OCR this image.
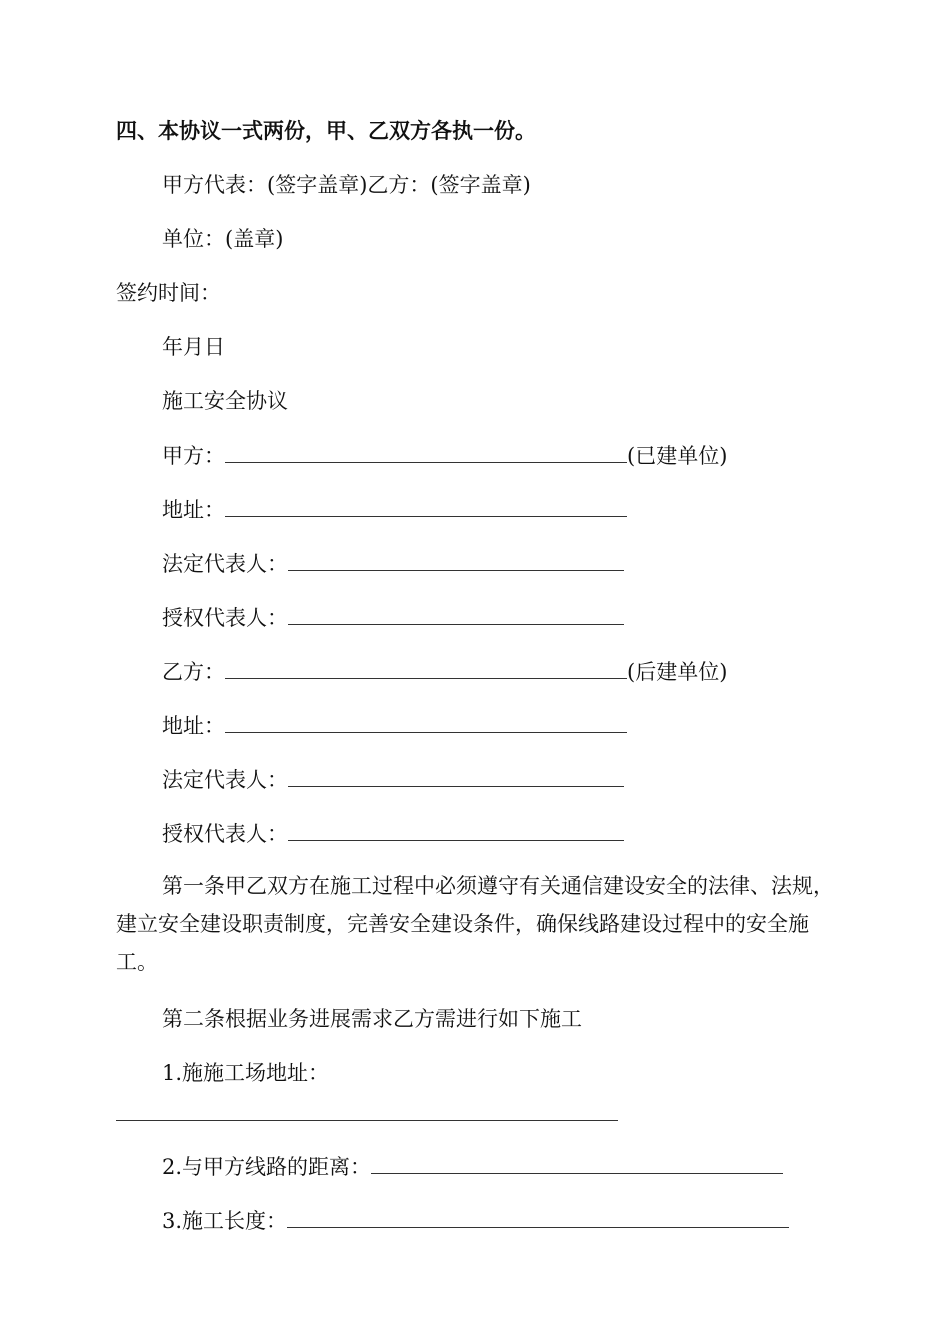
四、本协议一式两份，甲、乙双方各执一份。
甲方代表：(签字盖章)乙方：(签字盖章)
单位：(盖章)
签约时间：
年月日
施工安全协议
甲方：	(已建单位)
地址：
法定代表人：
授权代表人：
乙方：	(后建单位)
地址：
法定代表人：
授权代表人：
第一条甲乙双方在施工过程中必须遵守有关通信建设安全的法律、法规，建立安全建设职责制度，完善安全建设条件，确保线路建设过程中的安全施工。
第二条根据业务进展需求乙方需进行如下施工
1.施施工场地址：
2.与甲方线路的距离：
3.施工长度：
